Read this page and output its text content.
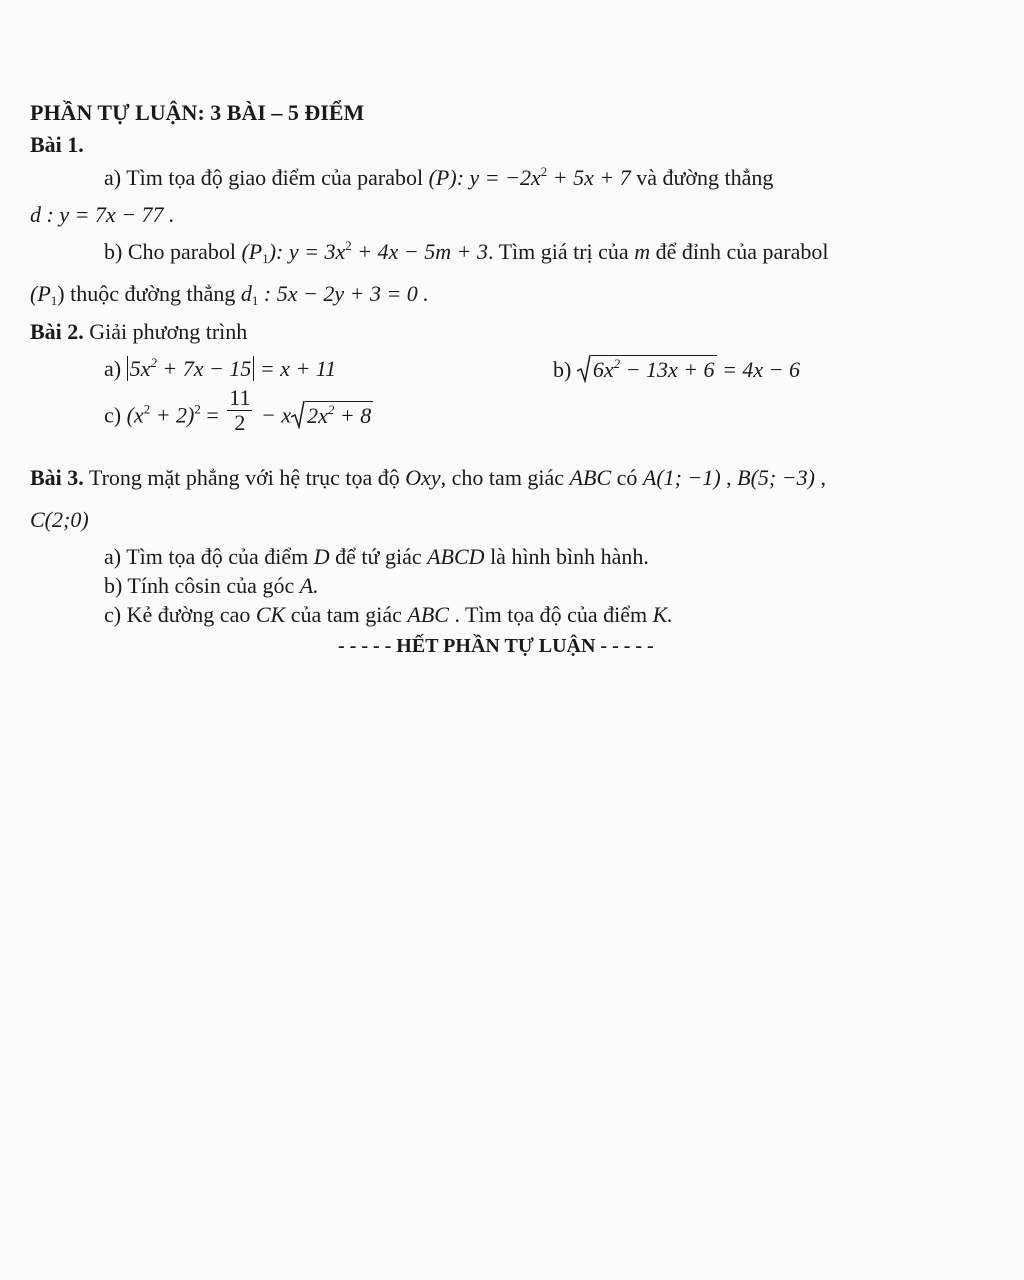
PHẦN TỰ LUẬN: 3 BÀI – 5 ĐIỂM
Bài 1.
a) Tìm tọa độ giao điểm của parabol (P): $y = -2x^2 + 5x + 7$ và đường thẳng
d : y = 7x − 77 .
b) Cho parabol $(P_1)$: $y = 3x^2 + 4x - 5m + 3$. Tìm giá trị của m để đỉnh của parabol
$(P_1)$ thuộc đường thẳng $d_1$ : 5x − 2y + 3 = 0 .
Bài 2. Giải phương trình
a) $5x^2 + 7x - 15 = x + 11$	b) $6x^2 - 13x + 6 = 4x - 6$
c) $(x^2 + 2)^2 = \frac{11}{2} - x$ $2x^2 + 8$
Bài 3. Trong mặt phẳng với hệ trục tọa độ Oxy, cho tam giác ABC có A(1; −1) , B(5; −3) ,
C(2;0)
a) Tìm tọa độ của điểm D để tứ giác ABCD là hình bình hành.
b) Tính côsin của góc A.
c) Kẻ đường cao CK của tam giác ABC . Tìm tọa độ của điểm K.
- - - - - HẾT PHẦN TỰ LUẬN - - - - -
